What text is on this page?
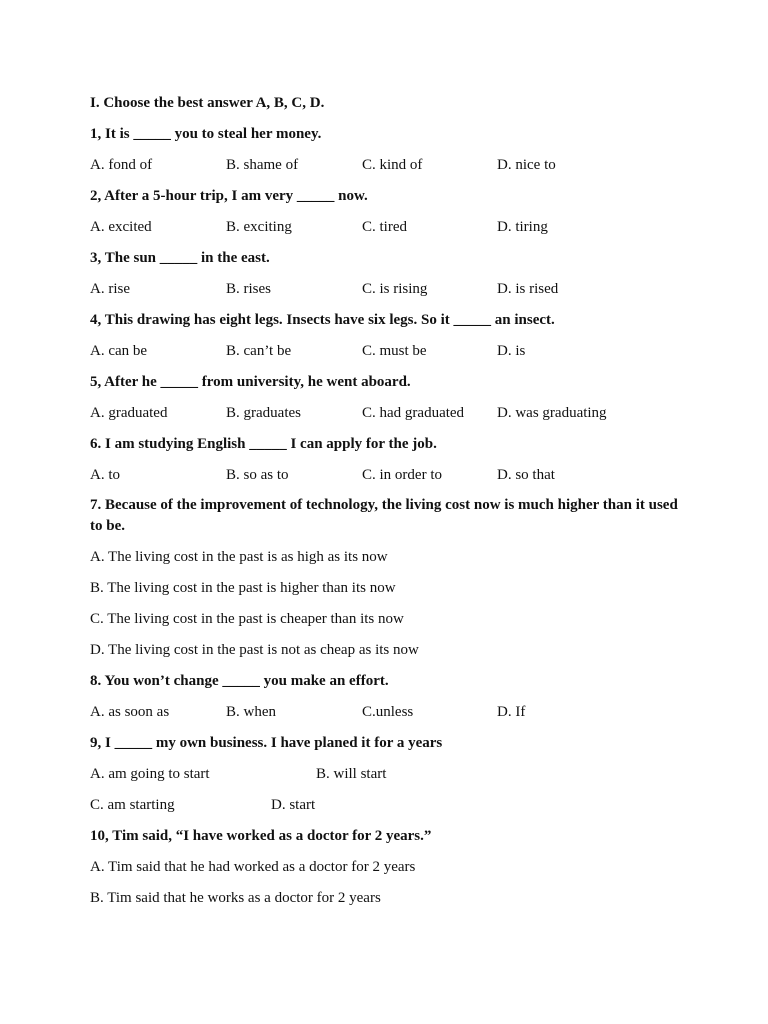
I. Choose the best answer A, B, C, D.

1, It is _____ you to steal her money.

A. fond of	B. shame of	C. kind of	D. nice to

2, After a 5-hour trip, I am very _____ now.

A. excited	B. exciting	C. tired	D. tiring

3, The sun _____ in the east.

A. rise	B. rises	C. is rising	D. is rised

4, This drawing has eight legs. Insects have six legs. So it _____ an insect.

A. can be	B. can’t be	C. must be	D. is

5, After he _____ from university, he went aboard.

A. graduated	B. graduates	C. had graduated D. was graduating

6. I am studying English _____ I can apply for the job.

A. to	B. so as to	C. in order to	D. so that

7. Because of the improvement of technology, the living cost now is much higher than it used to be.

A. The living cost in the past is as high as its now

B. The living cost in the past is higher than its now

C. The living cost in the past is cheaper than its now

D. The living cost in the past is not as cheap as its now

8. You won’t change _____ you make an effort.

A. as soon as	B. when	C.unless	D. If

9, I _____ my own business. I have planed it for a years

A. am going to start	B. will start
C. am starting	D. start

10, Tim said, “I have worked as a doctor for 2 years.”

A. Tim said that he had worked as a doctor for 2 years

B. Tim said that he works as a doctor for 2 years
